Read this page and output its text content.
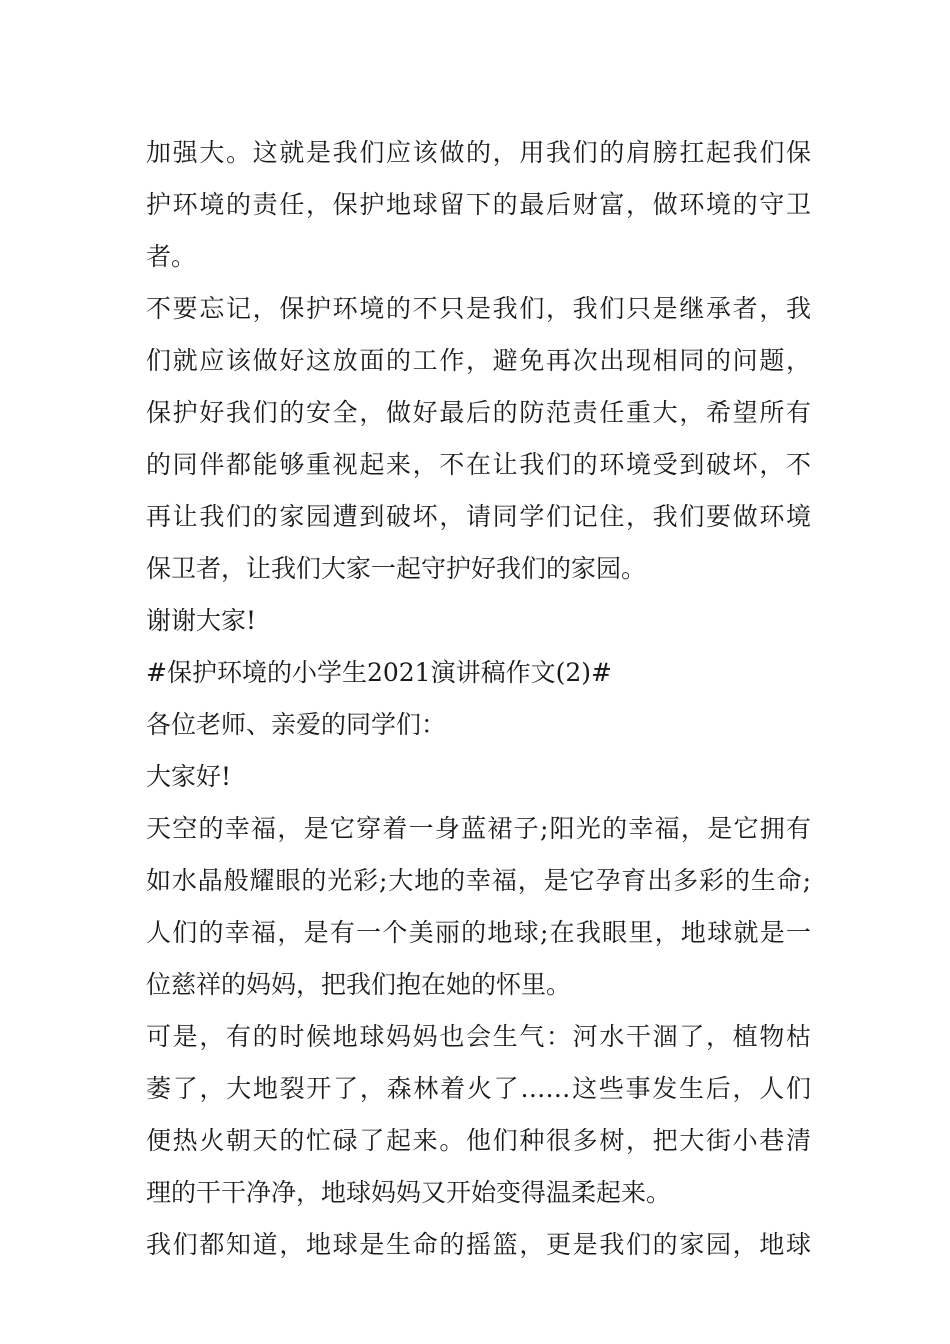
加强大。这就是我们应该做的，用我们的肩膀扛起我们保
护环境的责任，保护地球留下的最后财富，做环境的守卫
者。
不要忘记，保护环境的不只是我们，我们只是继承者，我
们就应该做好这放面的工作，避免再次出现相同的问题，
保护好我们的安全，做好最后的防范责任重大，希望所有
的同伴都能够重视起来，不在让我们的环境受到破坏，不
再让我们的家园遭到破坏，请同学们记住，我们要做环境
保卫者，让我们大家一起守护好我们的家园。
谢谢大家!
#保护环境的小学生2021演讲稿作文(2)#
各位老师、亲爱的同学们：
大家好!
天空的幸福，是它穿着一身蓝裙子;阳光的幸福，是它拥有
如水晶般耀眼的光彩;大地的幸福，是它孕育出多彩的生命;
人们的幸福，是有一个美丽的地球;在我眼里，地球就是一
位慈祥的妈妈，把我们抱在她的怀里。
可是，有的时候地球妈妈也会生气：河水干涸了，植物枯
萎了，大地裂开了，森林着火了……这些事发生后，人们
便热火朝天的忙碌了起来。他们种很多树，把大街小巷清
理的干干净净，地球妈妈又开始变得温柔起来。
我们都知道，地球是生命的摇篮，更是我们的家园，地球
